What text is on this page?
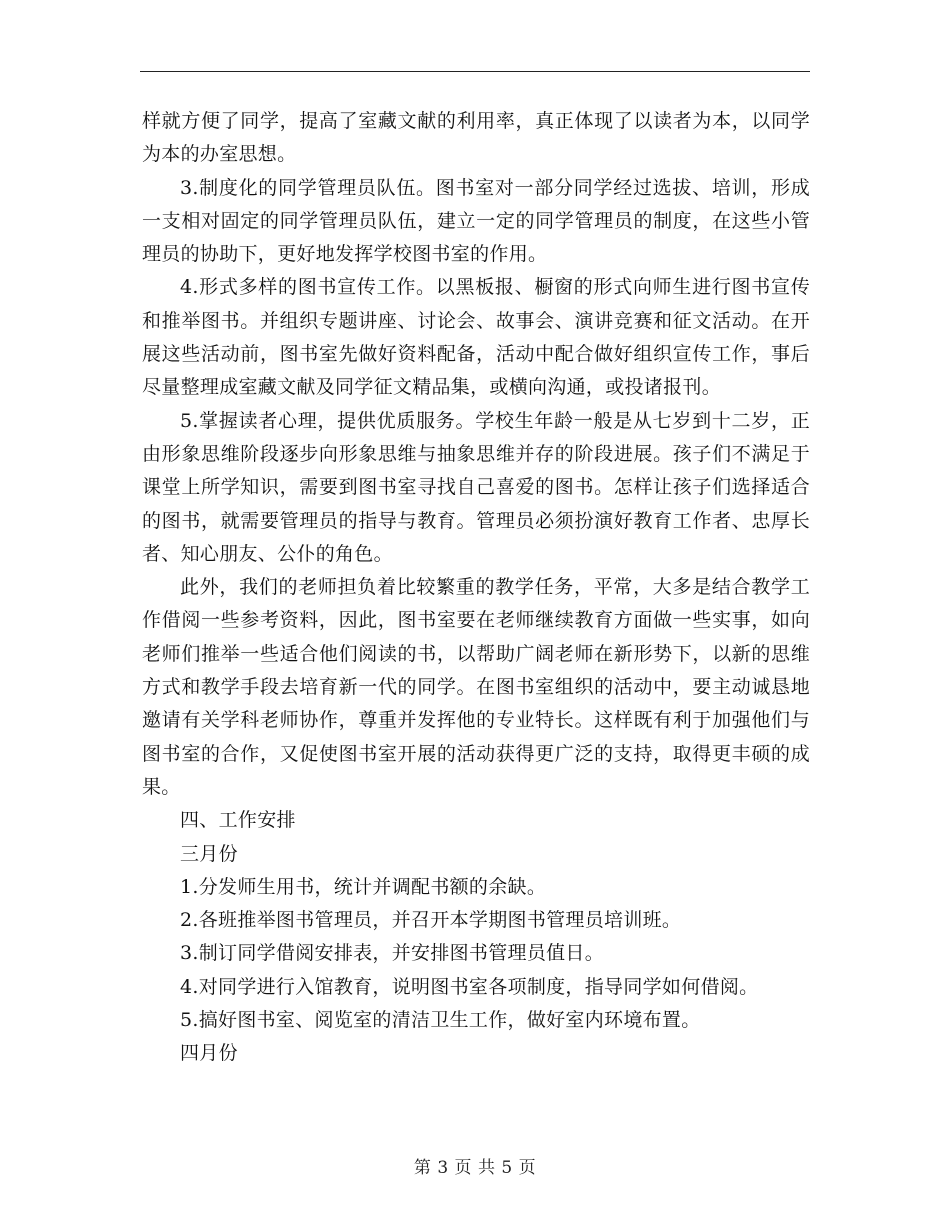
样就方便了同学，提高了室藏文献的利用率，真正体现了以读者为本，以同学为本的办室思想。

3.制度化的同学管理员队伍。图书室对一部分同学经过选拔、培训，形成一支相对固定的同学管理员队伍，建立一定的同学管理员的制度，在这些小管理员的协助下，更好地发挥学校图书室的作用。

4.形式多样的图书宣传工作。以黑板报、橱窗的形式向师生进行图书宣传和推举图书。并组织专题讲座、讨论会、故事会、演讲竞赛和征文活动。在开展这些活动前，图书室先做好资料配备，活动中配合做好组织宣传工作，事后尽量整理成室藏文献及同学征文精品集，或横向沟通，或投诸报刊。

5.掌握读者心理，提供优质服务。学校生年龄一般是从七岁到十二岁，正由形象思维阶段逐步向形象思维与抽象思维并存的阶段进展。孩子们不满足于课堂上所学知识，需要到图书室寻找自己喜爱的图书。怎样让孩子们选择适合的图书，就需要管理员的指导与教育。管理员必须扮演好教育工作者、忠厚长者、知心朋友、公仆的角色。

此外，我们的老师担负着比较繁重的教学任务，平常，大多是结合教学工作借阅一些参考资料，因此，图书室要在老师继续教育方面做一些实事，如向老师们推举一些适合他们阅读的书，以帮助广阔老师在新形势下，以新的思维方式和教学手段去培育新一代的同学。在图书室组织的活动中，要主动诚恳地邀请有关学科老师协作，尊重并发挥他的专业特长。这样既有利于加强他们与图书室的合作，又促使图书室开展的活动获得更广泛的支持，取得更丰硕的成果。

四、工作安排

三月份

1.分发师生用书，统计并调配书额的余缺。

2.各班推举图书管理员，并召开本学期图书管理员培训班。

3.制订同学借阅安排表，并安排图书管理员值日。

4.对同学进行入馆教育，说明图书室各项制度，指导同学如何借阅。

5.搞好图书室、阅览室的清洁卫生工作，做好室内环境布置。

四月份

第 3 页 共 5 页
